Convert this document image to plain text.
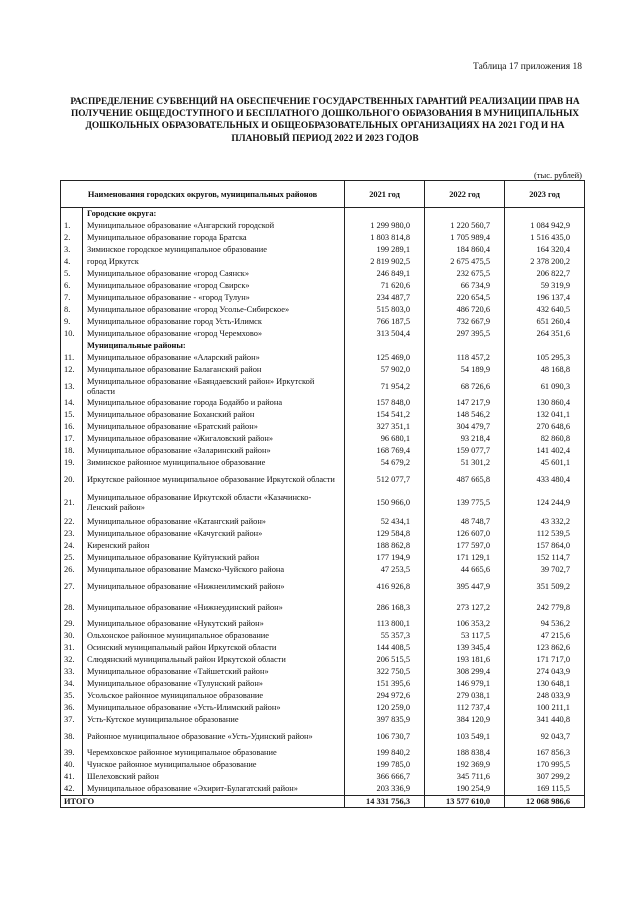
Таблица 17 приложения 18
РАСПРЕДЕЛЕНИЕ СУБВЕНЦИЙ НА ОБЕСПЕЧЕНИЕ ГОСУДАРСТВЕННЫХ ГАРАНТИЙ РЕАЛИЗАЦИИ ПРАВ НА ПОЛУЧЕНИЕ ОБЩЕДОСТУПНОГО И БЕСПЛАТНОГО ДОШКОЛЬНОГО ОБРАЗОВАНИЯ В МУНИЦИПАЛЬНЫХ ДОШКОЛЬНЫХ ОБРАЗОВАТЕЛЬНЫХ И ОБЩЕОБРАЗОВАТЕЛЬНЫХ ОРГАНИЗАЦИЯХ НА 2021 ГОД И НА ПЛАНОВЫЙ ПЕРИОД 2022 И 2023 ГОДОВ
(тыс. рублей)
Наименования городских округов, муниципальных районов		2021 год	2022 год	2023 год
	Городские округа:			
1.	Муниципальное образование «Ангарский городской	1 299 980,0	1 220 560,7	1 084 942,9
2.	Муниципальное образование города Братска	1 803 814,8	1 705 989,4	1 516 435,0
3.	Зиминское городское муниципальное образование	199 289,1	184 860,4	164 320,4
4.	город Иркутск	2 819 902,5	2 675 475,5	2 378 200,2
5.	Муниципальное образование «город Саянск»	246 849,1	232 675,5	206 822,7
6.	Муниципальное образование «город Свирск»	71 620,6	66 734,9	59 319,9
7.	Муниципальное образование - «город Тулун»	234 487,7	220 654,5	196 137,4
8.	Муниципальное образование «город Усолье-Сибирское»	515 803,0	486 720,6	432 640,5
9.	Муниципальное образование город Усть-Илимск	766 187,5	732 667,9	651 260,4
10.	Муниципальное образование «город Черемхово»	313 504,4	297 395,5	264 351,6
	Муниципальные районы:			
11.	Муниципальное образование «Аларский район»	125 469,0	118 457,2	105 295,3
12.	Муниципальное образование Балаганский район	57 902,0	54 189,9	48 168,8
13.	Муниципальное образование «Баяндаевский район» Иркутской области	71 954,2	68 726,6	61 090,3
14.	Муниципальное образование города Бодайбо и района	157 848,0	147 217,9	130 860,4
15.	Муниципальное образование Боханский район	154 541,2	148 546,2	132 041,1
16.	Муниципальное образование «Братский район»	327 351,1	304 479,7	270 648,6
17.	Муниципальное образование «Жигаловский район»	96 680,1	93 218,4	82 860,8
18.	Муниципальное образование «Заларинский район»	168 769,4	159 077,7	141 402,4
19.	Зиминское районное муниципальное образование	54 679,2	51 301,2	45 601,1
20.	Иркутское районное муниципальное образование Иркутской области	512 077,7	487 665,8	433 480,4
21.	Муниципальное образование Иркутской области «Казачинско-Ленский район»	150 966,0	139 775,5	124 244,9
22.	Муниципальное образование «Катангский район»	52 434,1	48 748,7	43 332,2
23.	Муниципальное образование «Качугский район»	129 584,8	126 607,0	112 539,5
24.	Киренский район	188 862,8	177 597,0	157 864,0
25.	Муниципальное образование Куйтунский район	177 194,9	171 129,1	152 114,7
26.	Муниципальное образование Мамско-Чуйского района	47 253,5	44 665,6	39 702,7
27.	Муниципальное образование «Нижнеилимский район»	416 926,8	395 447,9	351 509,2
28.	Муниципальное образование «Нижнеудинский район»	286 168,3	273 127,2	242 779,8
29.	Муниципальное образование «Нукутский район»	113 800,1	106 353,2	94 536,2
30.	Ольхонское районное муниципальное образование	55 357,3	53 117,5	47 215,6
31.	Осинский муниципальный район Иркутской области	144 408,5	139 345,4	123 862,6
32.	Слюдянский муниципальный район Иркутской области	206 515,5	193 181,6	171 717,0
33.	Муниципальное образование «Тайшетский район»	322 750,5	308 299,4	274 043,9
34.	Муниципальное образование «Тулунский район»	151 395,6	146 979,1	130 648,1
35.	Усольское районное муниципальное образование	294 972,6	279 038,1	248 033,9
36.	Муниципальное образование «Усть-Илимский район»	120 259,0	112 737,4	100 211,1
37.	Усть-Кутское муниципальное образование	397 835,9	384 120,9	341 440,8
38.	Районное муниципальное образование «Усть-Удинский район»	106 730,7	103 549,1	92 043,7
39.	Черемховское районное муниципальное образование	199 840,2	188 838,4	167 856,3
40.	Чунское районное муниципальное образование	199 785,0	192 369,9	170 995,5
41.	Шелеховский район	366 666,7	345 711,6	307 299,2
42.	Муниципальное образование «Эхирит-Булагатский район»	203 336,9	190 254,9	169 115,5
ИТОГО		14 331 756,3	13 577 610,0	12 068 986,6
